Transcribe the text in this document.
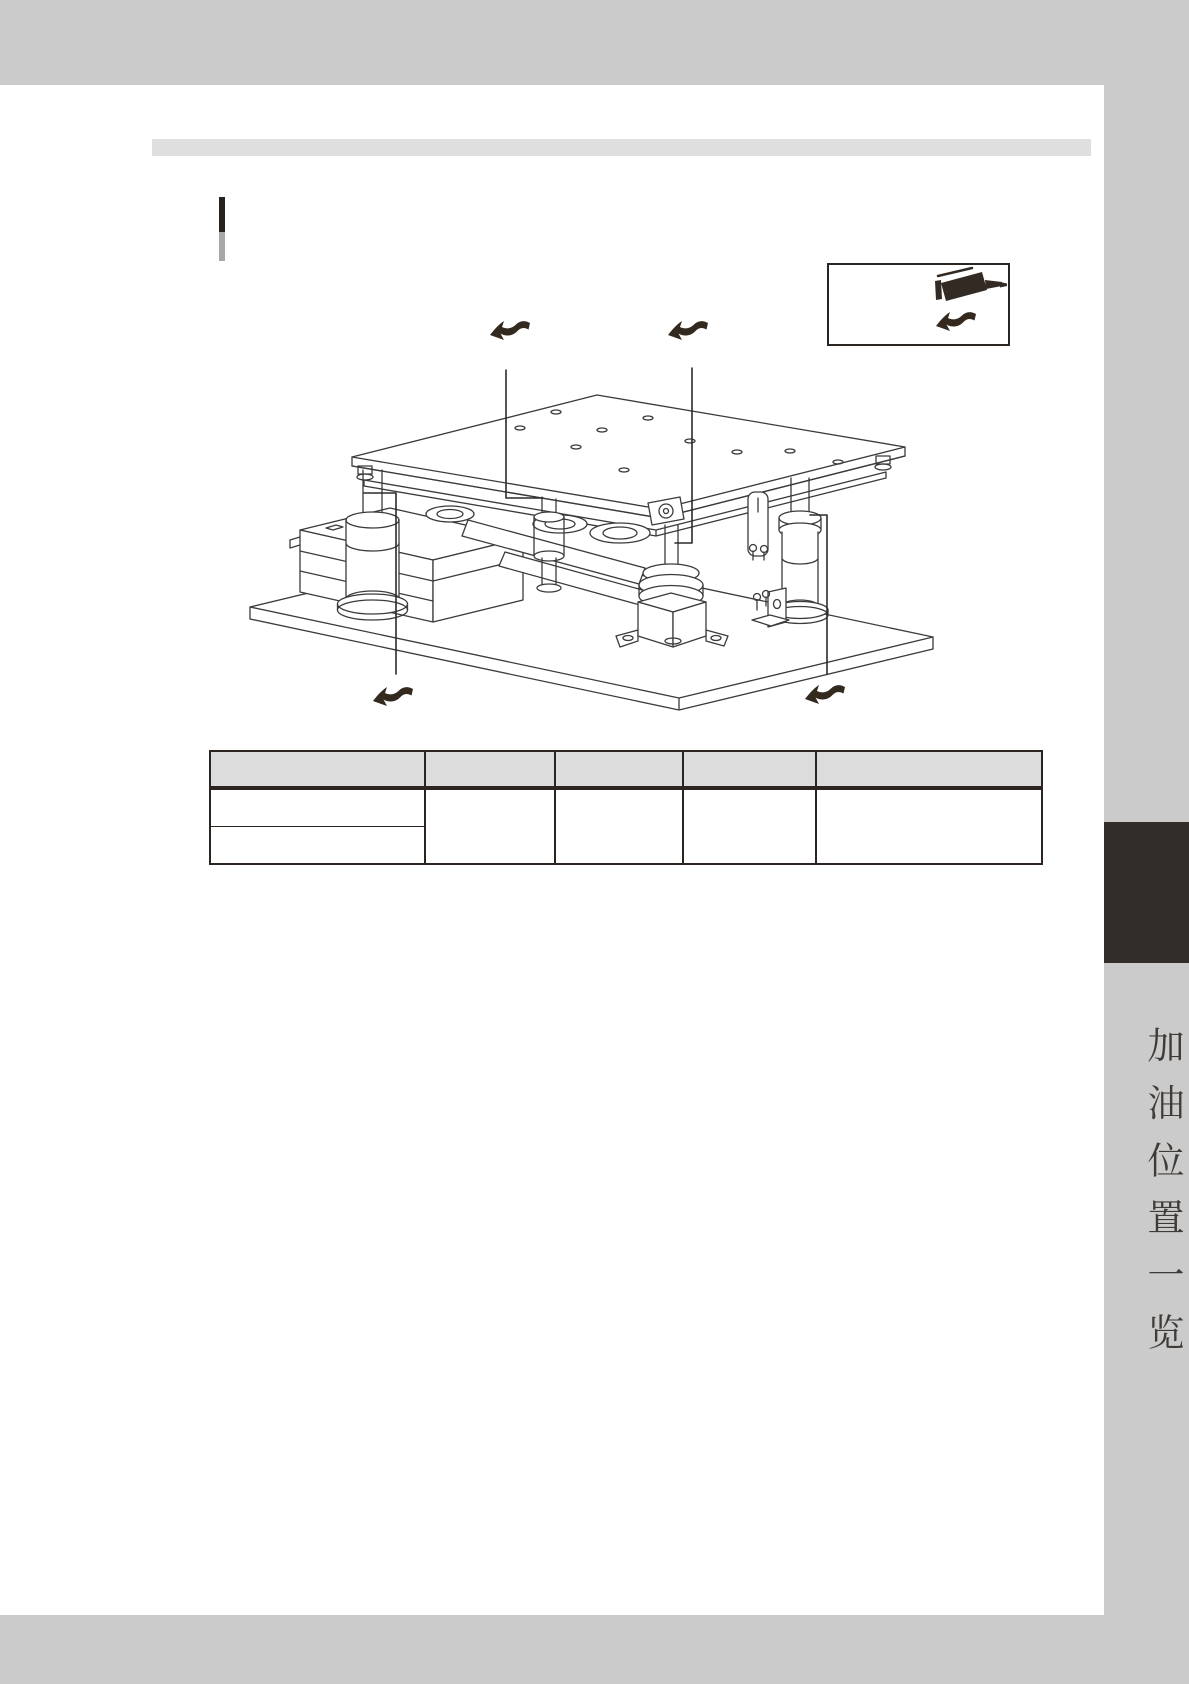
加油位置一览
